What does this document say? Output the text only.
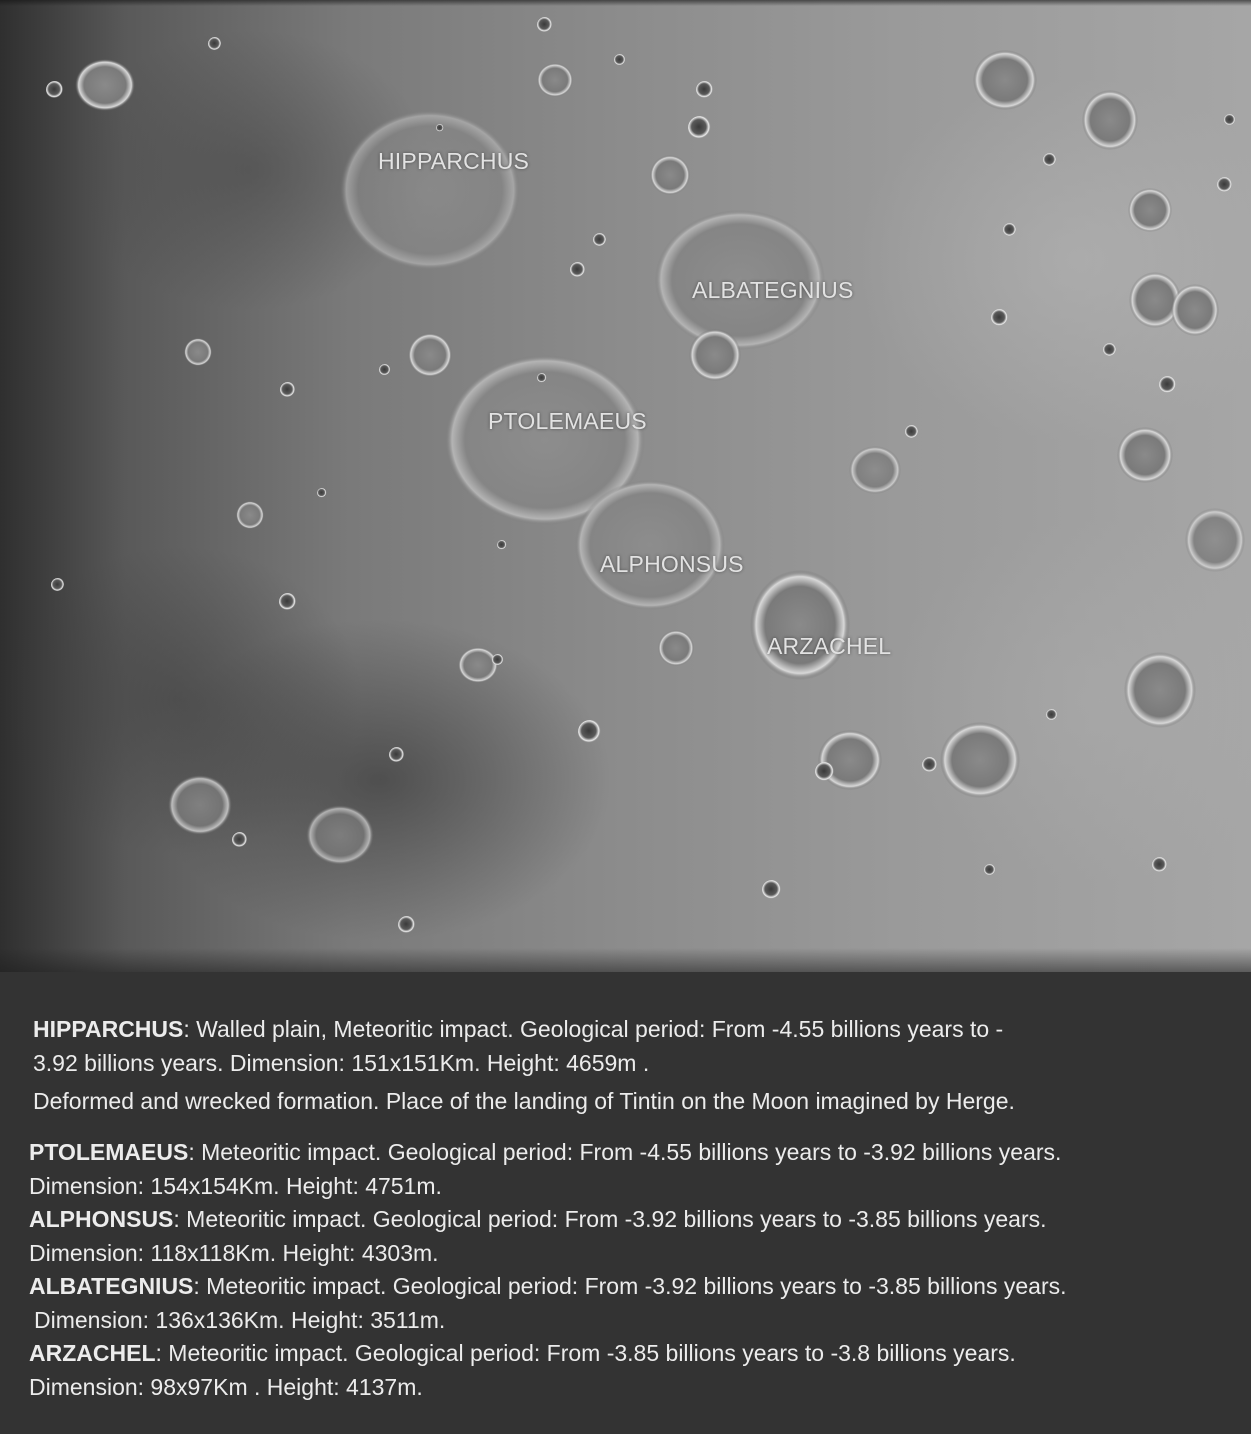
HIPPARCHUS
ALBATEGNIUS
PTOLEMAEUS
ALPHONSUS
ARZACHEL
HIPPARCHUS: Walled plain, Meteoritic impact. Geological period: From -4.55 billions years to -
3.92 billions years. Dimension: 151x151Km. Height: 4659m .
Deformed and wrecked formation. Place of the landing of Tintin on the Moon imagined by Herge.
PTOLEMAEUS: Meteoritic impact. Geological period: From -4.55 billions years to -3.92 billions years.
Dimension: 154x154Km. Height: 4751m.
ALPHONSUS: Meteoritic impact. Geological period: From -3.92 billions years to -3.85 billions years.
Dimension: 118x118Km. Height: 4303m.
ALBATEGNIUS: Meteoritic impact. Geological period: From -3.92 billions years to -3.85 billions years.
Dimension: 136x136Km. Height: 3511m.
ARZACHEL: Meteoritic impact. Geological period: From -3.85 billions years to -3.8 billions years.
Dimension: 98x97Km . Height: 4137m.
